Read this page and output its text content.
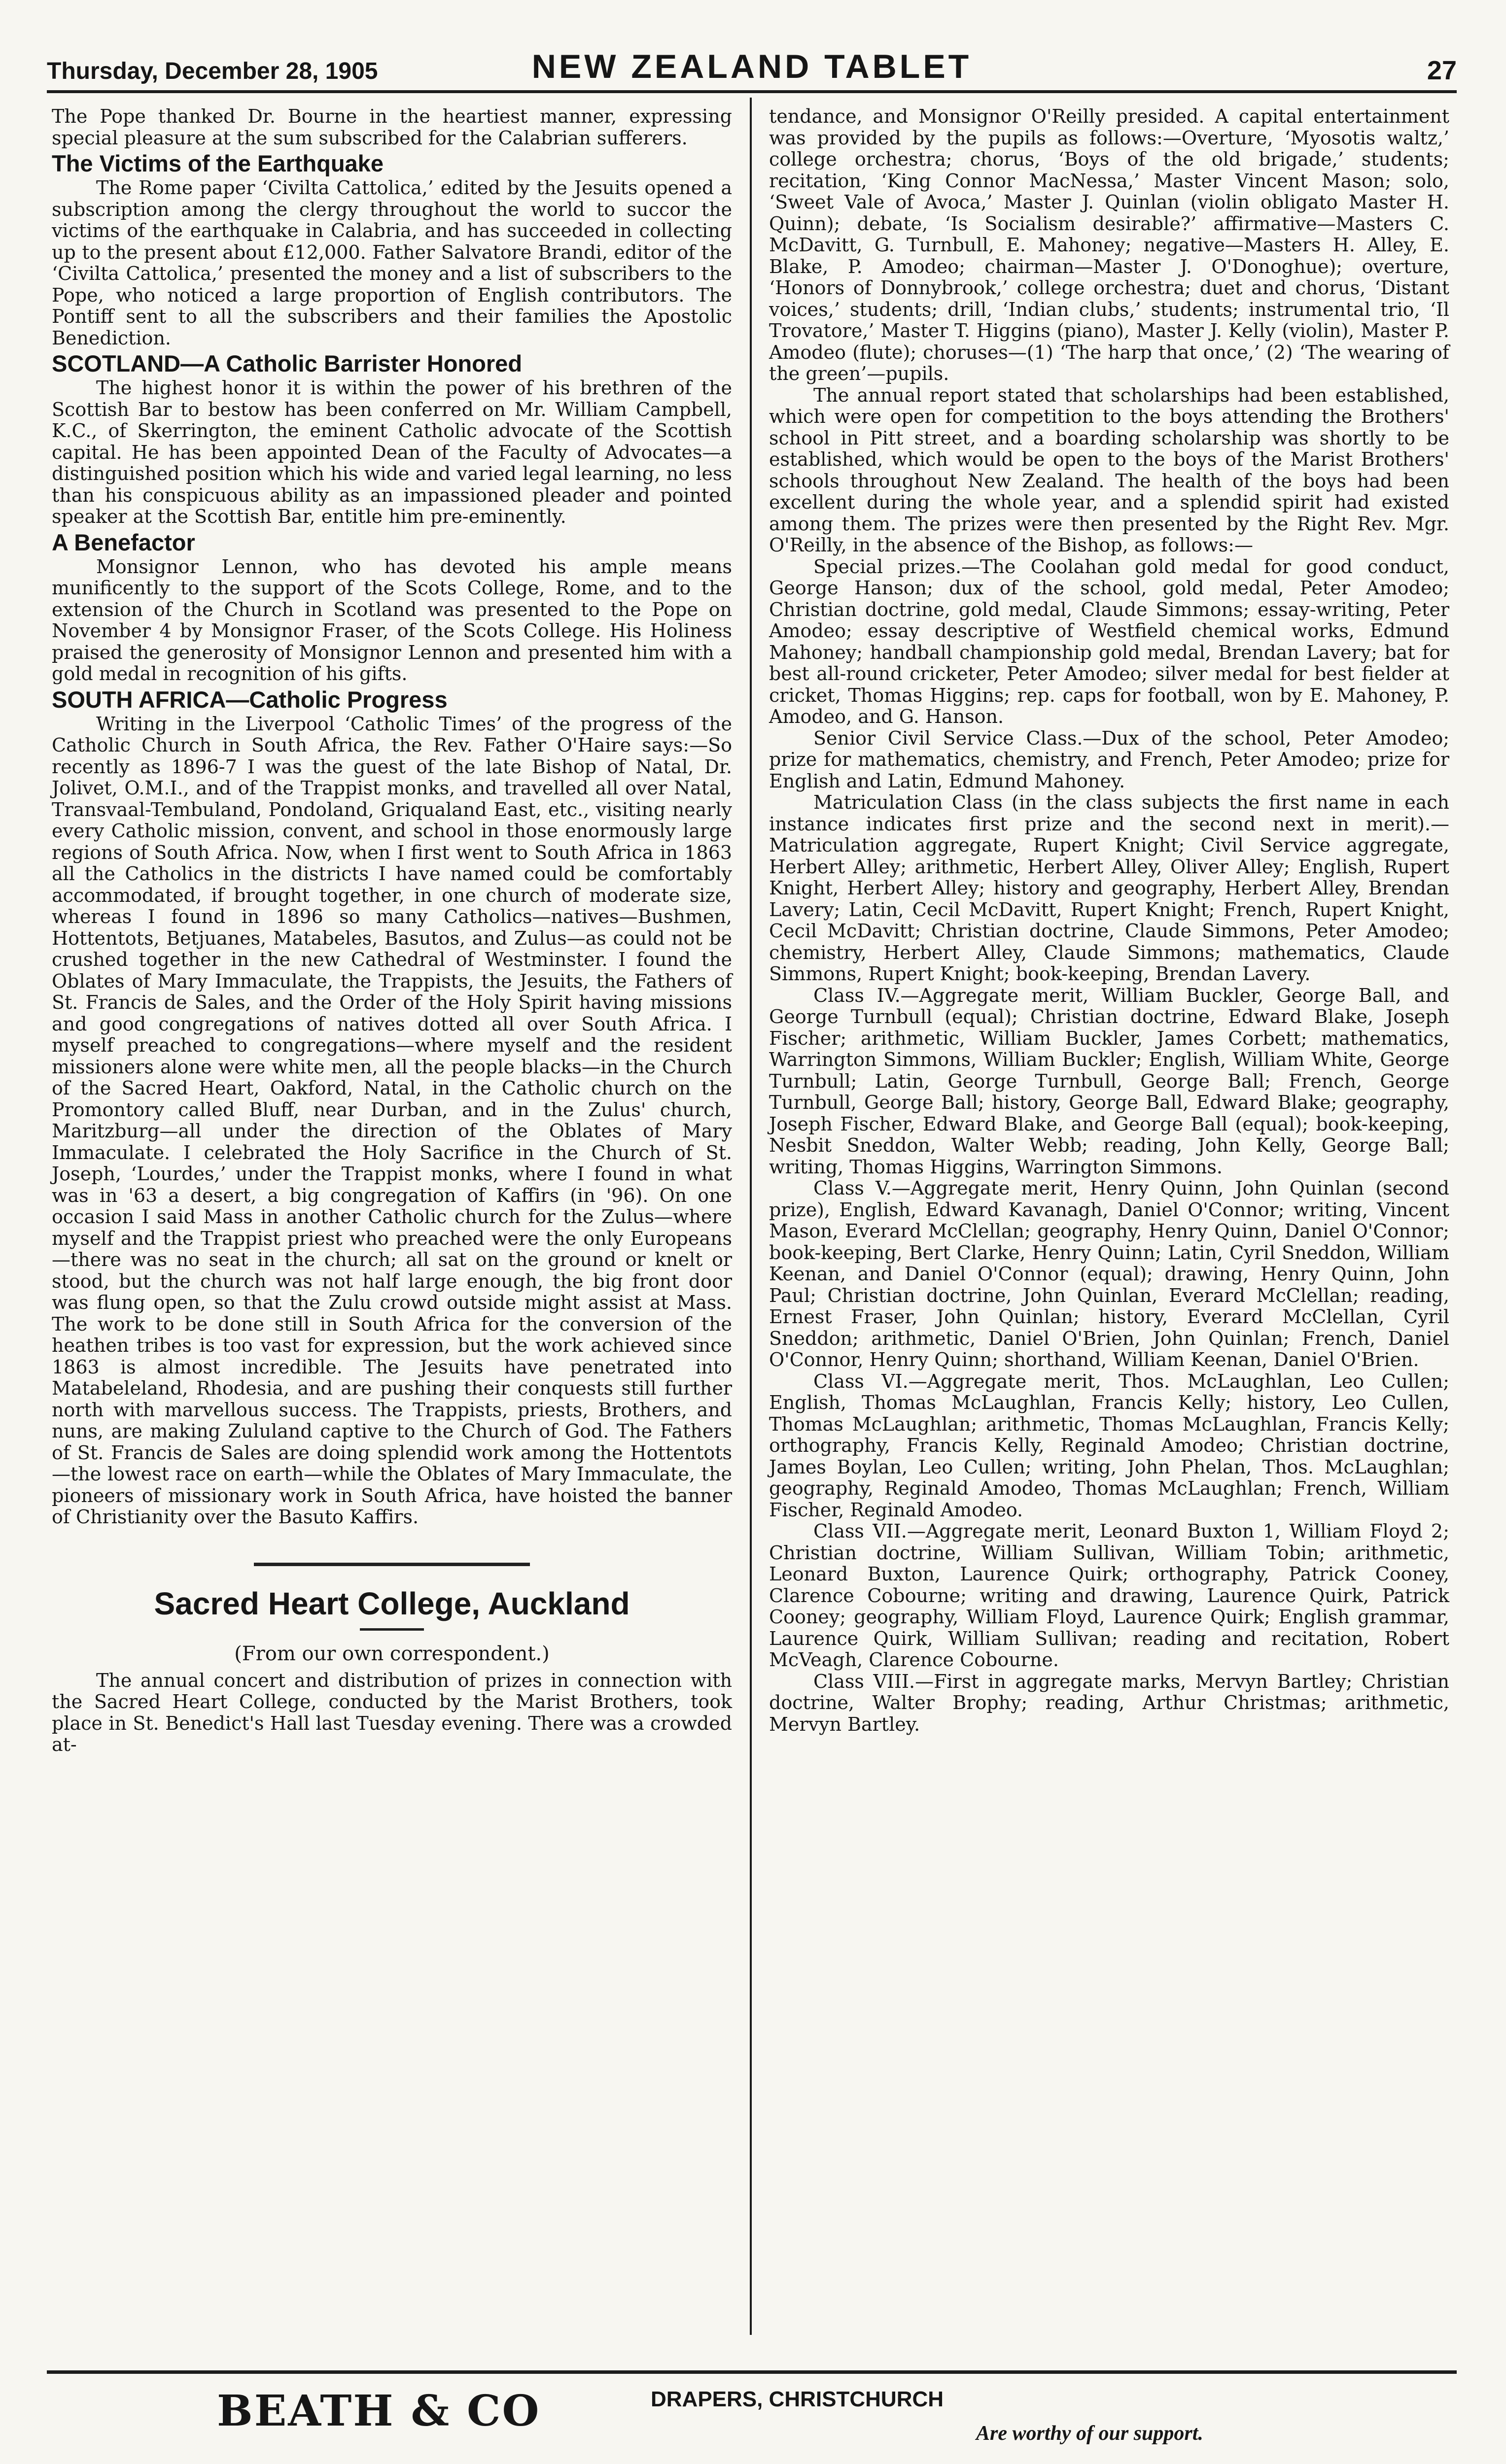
Thursday, December 28, 1905	NEW ZEALAND TABLET	27

The Pope thanked Dr. Bourne in the heartiest manner, expressing special pleasure at the sum subscribed for the Calabrian sufferers.

The Victims of the Earthquake

The Rome paper ‘Civilta Cattolica,’ edited by the Jesuits opened a subscription among the clergy throughout the world to succor the victims of the earthquake in Calabria, and has succeeded in collecting up to the present about £12,000. Father Salvatore Brandi, editor of the ‘Civilta Cattolica,’ presented the money and a list of subscribers to the Pope, who noticed a large proportion of English contributors. The Pontiff sent to all the subscribers and their families the Apostolic Benediction.

SCOTLAND—A Catholic Barrister Honored

The highest honor it is within the power of his brethren of the Scottish Bar to bestow has been conferred on Mr. William Campbell, K.C., of Skerrington, the eminent Catholic advocate of the Scottish capital. He has been appointed Dean of the Faculty of Advocates—a distinguished position which his wide and varied legal learning, no less than his conspicuous ability as an impassioned pleader and pointed speaker at the Scottish Bar, entitle him pre-eminently.

A Benefactor

Monsignor Lennon, who has devoted his ample means munificently to the support of the Scots College, Rome, and to the extension of the Church in Scotland was presented to the Pope on November 4 by Monsignor Fraser, of the Scots College. His Holiness praised the generosity of Monsignor Lennon and presented him with a gold medal in recognition of his gifts.

SOUTH AFRICA—Catholic Progress

Writing in the Liverpool ‘Catholic Times’ of the progress of the Catholic Church in South Africa, the Rev. Father O'Haire says:—So recently as 1896-7 I was the guest of the late Bishop of Natal, Dr. Jolivet, O.M.I., and of the Trappist monks, and travelled all over Natal, Transvaal-Tembuland, Pondoland, Griqualand East, etc., visiting nearly every Catholic mission, convent, and school in those enormously large regions of South Africa. Now, when I first went to South Africa in 1863 all the Catholics in the districts I have named could be comfortably accommodated, if brought together, in one church of moderate size, whereas I found in 1896 so many Catholics—natives—Bushmen, Hottentots, Betjuanes, Matabeles, Basutos, and Zulus—as could not be crushed together in the new Cathedral of Westminster. I found the Oblates of Mary Immaculate, the Trappists, the Jesuits, the Fathers of St. Francis de Sales, and the Order of the Holy Spirit having missions and good congregations of natives dotted all over South Africa. I myself preached to congregations—where myself and the resident missioners alone were white men, all the people blacks—in the Church of the Sacred Heart, Oakford, Natal, in the Catholic church on the Promontory called Bluff, near Durban, and in the Zulus' church, Maritzburg—all under the direction of the Oblates of Mary Immaculate. I celebrated the Holy Sacrifice in the Church of St. Joseph, ‘Lourdes,’ under the Trappist monks, where I found in what was in '63 a desert, a big congregation of Kaffirs (in '96). On one occasion I said Mass in another Catholic church for the Zulus—where myself and the Trappist priest who preached were the only Europeans—there was no seat in the church; all sat on the ground or knelt or stood, but the church was not half large enough, the big front door was flung open, so that the Zulu crowd outside might assist at Mass. The work to be done still in South Africa for the conversion of the heathen tribes is too vast for expression, but the work achieved since 1863 is almost incredible. The Jesuits have penetrated into Matabeleland, Rhodesia, and are pushing their conquests still further north with marvellous success. The Trappists, priests, Brothers, and nuns, are making Zululand captive to the Church of God. The Fathers of St. Francis de Sales are doing splendid work among the Hottentots—the lowest race on earth—while the Oblates of Mary Immaculate, the pioneers of missionary work in South Africa, have hoisted the banner of Christianity over the Basuto Kaffirs.

Sacred Heart College, Auckland
(From our own correspondent.)

The annual concert and distribution of prizes in connection with the Sacred Heart College, conducted by the Marist Brothers, took place in St. Benedict's Hall last Tuesday evening. There was a crowded at-

tendance, and Monsignor O'Reilly presided. A capital entertainment was provided by the pupils as follows:—Overture, ‘Myosotis waltz,’ college orchestra; chorus, ‘Boys of the old brigade,’ students; recitation, ‘King Connor MacNessa,’ Master Vincent Mason; solo, ‘Sweet Vale of Avoca,’ Master J. Quinlan (violin obligato Master H. Quinn); debate, ‘Is Socialism desirable?’ affirmative—Masters C. McDavitt, G. Turnbull, E. Mahoney; negative—Masters H. Alley, E. Blake, P. Amodeo; chairman—Master J. O'Donoghue); overture, ‘Honors of Donnybrook,’ college orchestra; duet and chorus, ‘Distant voices,’ students; drill, ‘Indian clubs,’ students; instrumental trio, ‘Il Trovatore,’ Master T. Higgins (piano), Master J. Kelly (violin), Master P. Amodeo (flute); choruses—(1) ‘The harp that once,’ (2) ‘The wearing of the green’—pupils.

The annual report stated that scholarships had been established, which were open for competition to the boys attending the Brothers' school in Pitt street, and a boarding scholarship was shortly to be established, which would be open to the boys of the Marist Brothers' schools throughout New Zealand. The health of the boys had been excellent during the whole year, and a splendid spirit had existed among them. The prizes were then presented by the Right Rev. Mgr. O'Reilly, in the absence of the Bishop, as follows:—

Special prizes.—The Coolahan gold medal for good conduct, George Hanson; dux of the school, gold medal, Peter Amodeo; Christian doctrine, gold medal, Claude Simmons; essay-writing, Peter Amodeo; essay descriptive of Westfield chemical works, Edmund Mahoney; handball championship gold medal, Brendan Lavery; bat for best all-round cricketer, Peter Amodeo; silver medal for best fielder at cricket, Thomas Higgins; rep. caps for football, won by E. Mahoney, P. Amodeo, and G. Hanson.

Senior Civil Service Class.—Dux of the school, Peter Amodeo; prize for mathematics, chemistry, and French, Peter Amodeo; prize for English and Latin, Edmund Mahoney.

Matriculation Class (in the class subjects the first name in each instance indicates first prize and the second next in merit).—Matriculation aggregate, Rupert Knight; Civil Service aggregate, Herbert Alley; arithmetic, Herbert Alley, Oliver Alley; English, Rupert Knight, Herbert Alley; history and geography, Herbert Alley, Brendan Lavery; Latin, Cecil McDavitt, Rupert Knight; French, Rupert Knight, Cecil McDavitt; Christian doctrine, Claude Simmons, Peter Amodeo; chemistry, Herbert Alley, Claude Simmons; mathematics, Claude Simmons, Rupert Knight; book-keeping, Brendan Lavery.

Class IV.—Aggregate merit, William Buckler, George Ball, and George Turnbull (equal); Christian doctrine, Edward Blake, Joseph Fischer; arithmetic, William Buckler, James Corbett; mathematics, Warrington Simmons, William Buckler; English, William White, George Turnbull; Latin, George Turnbull, George Ball; French, George Turnbull, George Ball; history, George Ball, Edward Blake; geography, Joseph Fischer, Edward Blake, and George Ball (equal); book-keeping, Nesbit Sneddon, Walter Webb; reading, John Kelly, George Ball; writing, Thomas Higgins, Warrington Simmons.

Class V.—Aggregate merit, Henry Quinn, John Quinlan (second prize), English, Edward Kavanagh, Daniel O'Connor; writing, Vincent Mason, Everard McClellan; geography, Henry Quinn, Daniel O'Connor; book-keeping, Bert Clarke, Henry Quinn; Latin, Cyril Sneddon, William Keenan, and Daniel O'Connor (equal); drawing, Henry Quinn, John Paul; Christian doctrine, John Quinlan, Everard McClellan; reading, Ernest Fraser, John Quinlan; history, Everard McClellan, Cyril Sneddon; arithmetic, Daniel O'Brien, John Quinlan; French, Daniel O'Connor, Henry Quinn; shorthand, William Keenan, Daniel O'Brien.

Class VI.—Aggregate merit, Thos. McLaughlan, Leo Cullen; English, Thomas McLaughlan, Francis Kelly; history, Leo Cullen, Thomas McLaughlan; arithmetic, Thomas McLaughlan, Francis Kelly; orthography, Francis Kelly, Reginald Amodeo; Christian doctrine, James Boylan, Leo Cullen; writing, John Phelan, Thos. McLaughlan; geography, Reginald Amodeo, Thomas McLaughlan; French, William Fischer, Reginald Amodeo.

Class VII.—Aggregate merit, Leonard Buxton 1, William Floyd 2; Christian doctrine, William Sullivan, William Tobin; arithmetic, Leonard Buxton, Laurence Quirk; orthography, Patrick Cooney, Clarence Cobourne; writing and drawing, Laurence Quirk, Patrick Cooney; geography, William Floyd, Laurence Quirk; English grammar, Laurence Quirk, William Sullivan; reading and recitation, Robert McVeagh, Clarence Cobourne.

Class VIII.—First in aggregate marks, Mervyn Bartley; Christian doctrine, Walter Brophy; reading, Arthur Christmas; arithmetic, Mervyn Bartley.

BEATH & CO	DRAPERS, CHRISTCHURCH
Are worthy of our support.
